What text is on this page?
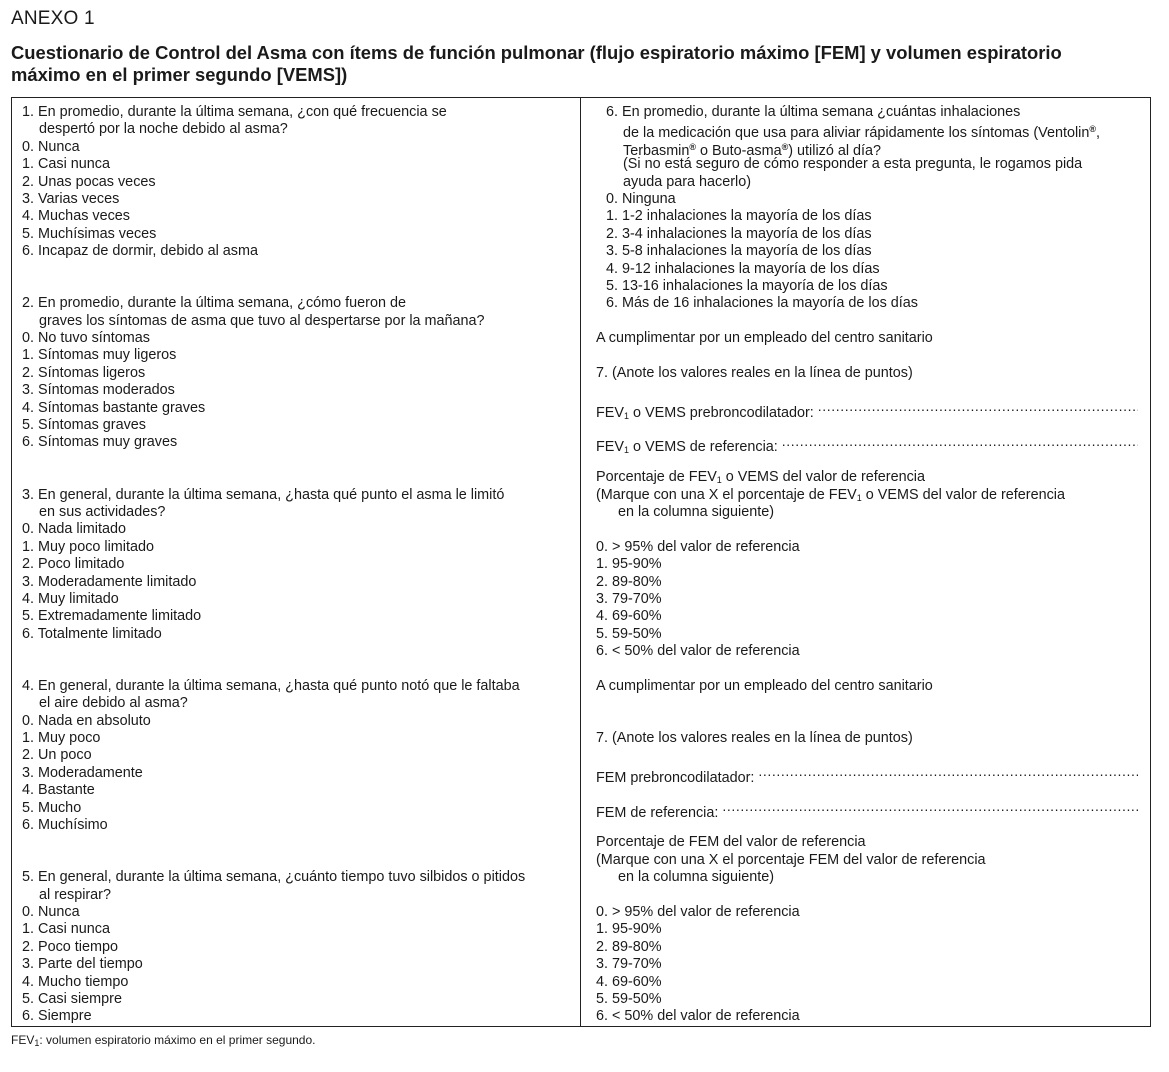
ANEXO 1
Cuestionario de Control del Asma con ítems de función pulmonar (flujo espiratorio máximo [FEM] y volumen espiratorio máximo en el primer segundo [VEMS])
1. En promedio, durante la última semana, ¿con qué frecuencia se
despertó por la noche debido al asma?
0. Nunca
1. Casi nunca
2. Unas pocas veces
3. Varias veces
4. Muchas veces
5. Muchísimas veces
6. Incapaz de dormir, debido al asma
2. En promedio, durante la última semana, ¿cómo fueron de
graves los síntomas de asma que tuvo al despertarse por la mañana?
0. No tuvo síntomas
1. Síntomas muy ligeros
2. Síntomas ligeros
3. Síntomas moderados
4. Síntomas bastante graves
5. Síntomas graves
6. Síntomas muy graves
3. En general, durante la última semana, ¿hasta qué punto el asma le limitó
en sus actividades?
0. Nada limitado
1. Muy poco limitado
2. Poco limitado
3. Moderadamente limitado
4. Muy limitado
5. Extremadamente limitado
6. Totalmente limitado
4. En general, durante la última semana, ¿hasta qué punto notó que le faltaba
el aire debido al asma?
0. Nada en absoluto
1. Muy poco
2. Un poco
3. Moderadamente
4. Bastante
5. Mucho
6. Muchísimo
5. En general, durante la última semana, ¿cuánto tiempo tuvo silbidos o pitidos
al respirar?
0. Nunca
1. Casi nunca
2. Poco tiempo
3. Parte del tiempo
4. Mucho tiempo
5. Casi siempre
6. Siempre
6. En promedio, durante la última semana ¿cuántas inhalaciones
de la medicación que usa para aliviar rápidamente los síntomas (Ventolin®,
Terbasmin® o Buto-asma®) utilizó al día?
(Si no está seguro de cómo responder a esta pregunta, le rogamos pida
ayuda para hacerlo)
0. Ninguna
1. 1-2 inhalaciones la mayoría de los días
2. 3-4 inhalaciones la mayoría de los días
3. 5-8 inhalaciones la mayoría de los días
4. 9-12 inhalaciones la mayoría de los días
5. 13-16 inhalaciones la mayoría de los días
6. Más de 16 inhalaciones la mayoría de los días
A cumplimentar por un empleado del centro sanitario
7. (Anote los valores reales en la línea de puntos)
$FEV_1$ o VEMS prebroncodilatador:
.....
$FEV_1$ o VEMS de referencia:
.....
Porcentaje de $FEV_1$ o VEMS del valor de referencia
(Marque con una X el porcentaje de $FEV_1$ o VEMS del valor de referencia
en la columna siguiente)
0. > 95% del valor de referencia
1. 95-90%
2. 89-80%
3. 79-70%
4. 69-60%
5. 59-50%
6. < 50% del valor de referencia
A cumplimentar por un empleado del centro sanitario
7. (Anote los valores reales en la línea de puntos)
FEM prebroncodilatador:
.....
FEM de referencia:
.....
Porcentaje de FEM del valor de referencia
(Marque con una X el porcentaje FEM del valor de referencia
en la columna siguiente)
0. > 95% del valor de referencia
1. 95-90%
2. 89-80%
3. 79-70%
4. 69-60%
5. 59-50%
6. < 50% del valor de referencia
$FEV_1$: volumen espiratorio máximo en el primer segundo.
